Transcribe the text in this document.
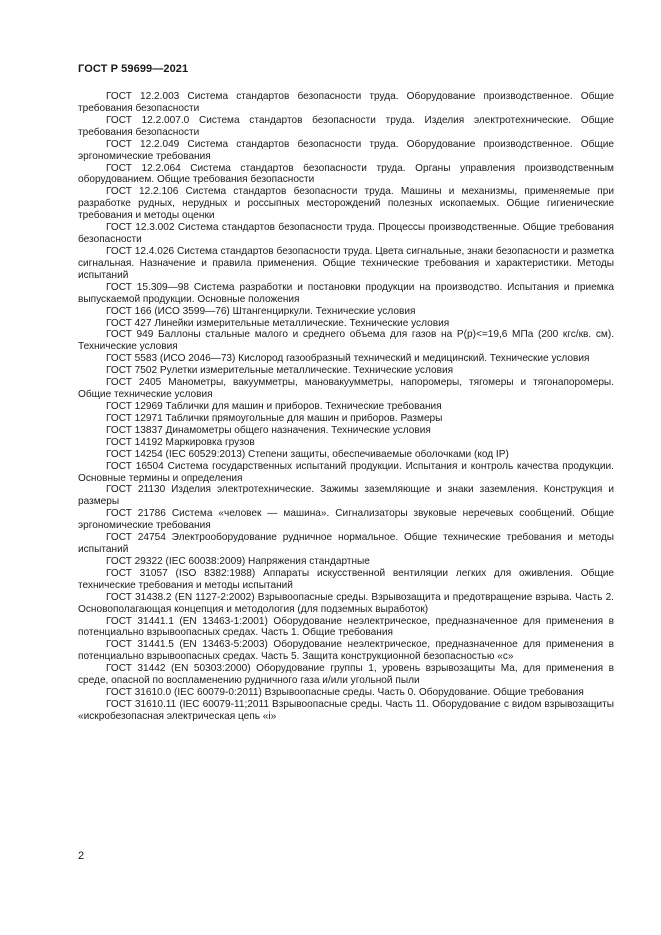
ГОСТ Р 59699—2021

ГОСТ 12.2.003 Система стандартов безопасности труда. Оборудование производственное. Общие требования безопасности

ГОСТ 12.2.007.0 Система стандартов безопасности труда. Изделия электротехнические. Общие требования безопасности

ГОСТ 12.2.049 Система стандартов безопасности труда. Оборудование производственное. Общие эргономические требования

ГОСТ 12.2.064 Система стандартов безопасности труда. Органы управления производственным оборудованием. Общие требования безопасности

ГОСТ 12.2.106 Система стандартов безопасности труда. Машины и механизмы, применяемые при разработке рудных, нерудных и россыпных месторождений полезных ископаемых. Общие гигиенические требования и методы оценки

ГОСТ 12.3.002 Система стандартов безопасности труда. Процессы производственные. Общие требования безопасности

ГОСТ 12.4.026 Система стандартов безопасности труда. Цвета сигнальные, знаки безопасности и разметка сигнальная. Назначение и правила применения. Общие технические требования и характеристики. Методы испытаний

ГОСТ 15.309—98 Система разработки и постановки продукции на производство. Испытания и приемка выпускаемой продукции. Основные положения

ГОСТ 166 (ИСО 3599—76) Штангенциркули. Технические условия

ГОСТ 427 Линейки измерительные металлические. Технические условия

ГОСТ 949 Баллоны стальные малого и среднего объема для газов на Р(р)<=19,6 МПа (200 кгс/кв. см). Технические условия

ГОСТ 5583 (ИСО 2046—73) Кислород газообразный технический и медицинский. Технические условия

ГОСТ 7502 Рулетки измерительные металлические. Технические условия

ГОСТ 2405 Манометры, вакуумметры, мановакуумметры, напоромеры, тягомеры и тягонапоромеры. Общие технические условия

ГОСТ 12969 Таблички для машин и приборов. Технические требования

ГОСТ 12971 Таблички прямоугольные для машин и приборов. Размеры

ГОСТ 13837 Динамометры общего назначения. Технические условия

ГОСТ 14192 Маркировка грузов

ГОСТ 14254 (IEC 60529:2013) Степени защиты, обеспечиваемые оболочками (код IP)

ГОСТ 16504 Система государственных испытаний продукции. Испытания и контроль качества продукции. Основные термины и определения

ГОСТ 21130 Изделия электротехнические. Зажимы заземляющие и знаки заземления. Конструкция и размеры

ГОСТ 21786 Система «человек — машина». Сигнализаторы звуковые неречевых сообщений. Общие эргономические требования

ГОСТ 24754 Электрооборудование рудничное нормальное. Общие технические требования и методы испытаний

ГОСТ 29322 (IEC 60038:2009) Напряжения стандартные

ГОСТ 31057 (ISO 8382:1988) Аппараты искусственной вентиляции легких для оживления. Общие технические требования и методы испытаний

ГОСТ 31438.2 (EN 1127-2:2002) Взрывоопасные среды. Взрывозащита и предотвращение взрыва. Часть 2. Основополагающая концепция и методология (для подземных выработок)

ГОСТ 31441.1 (EN 13463-1:2001) Оборудование неэлектрическое, предназначенное для применения в потенциально взрывоопасных средах. Часть 1. Общие требования

ГОСТ 31441.5 (EN 13463-5:2003) Оборудование неэлектрическое, предназначенное для применения в потенциально взрывоопасных средах. Часть 5. Защита конструкционной безопасностью «с»

ГОСТ 31442 (EN 50303:2000) Оборудование группы 1, уровень взрывозащиты Ма, для применения в среде, опасной по воспламенению рудничного газа и/или угольной пыли

ГОСТ 31610.0 (IEC 60079-0:2011) Взрывоопасные среды. Часть 0. Оборудование. Общие требования

ГОСТ 31610.11 (IEC 60079-11;2011 Взрывоопасные среды. Часть 11. Оборудование с видом взрывозащиты «искробезопасная электрическая цепь «i»

2
